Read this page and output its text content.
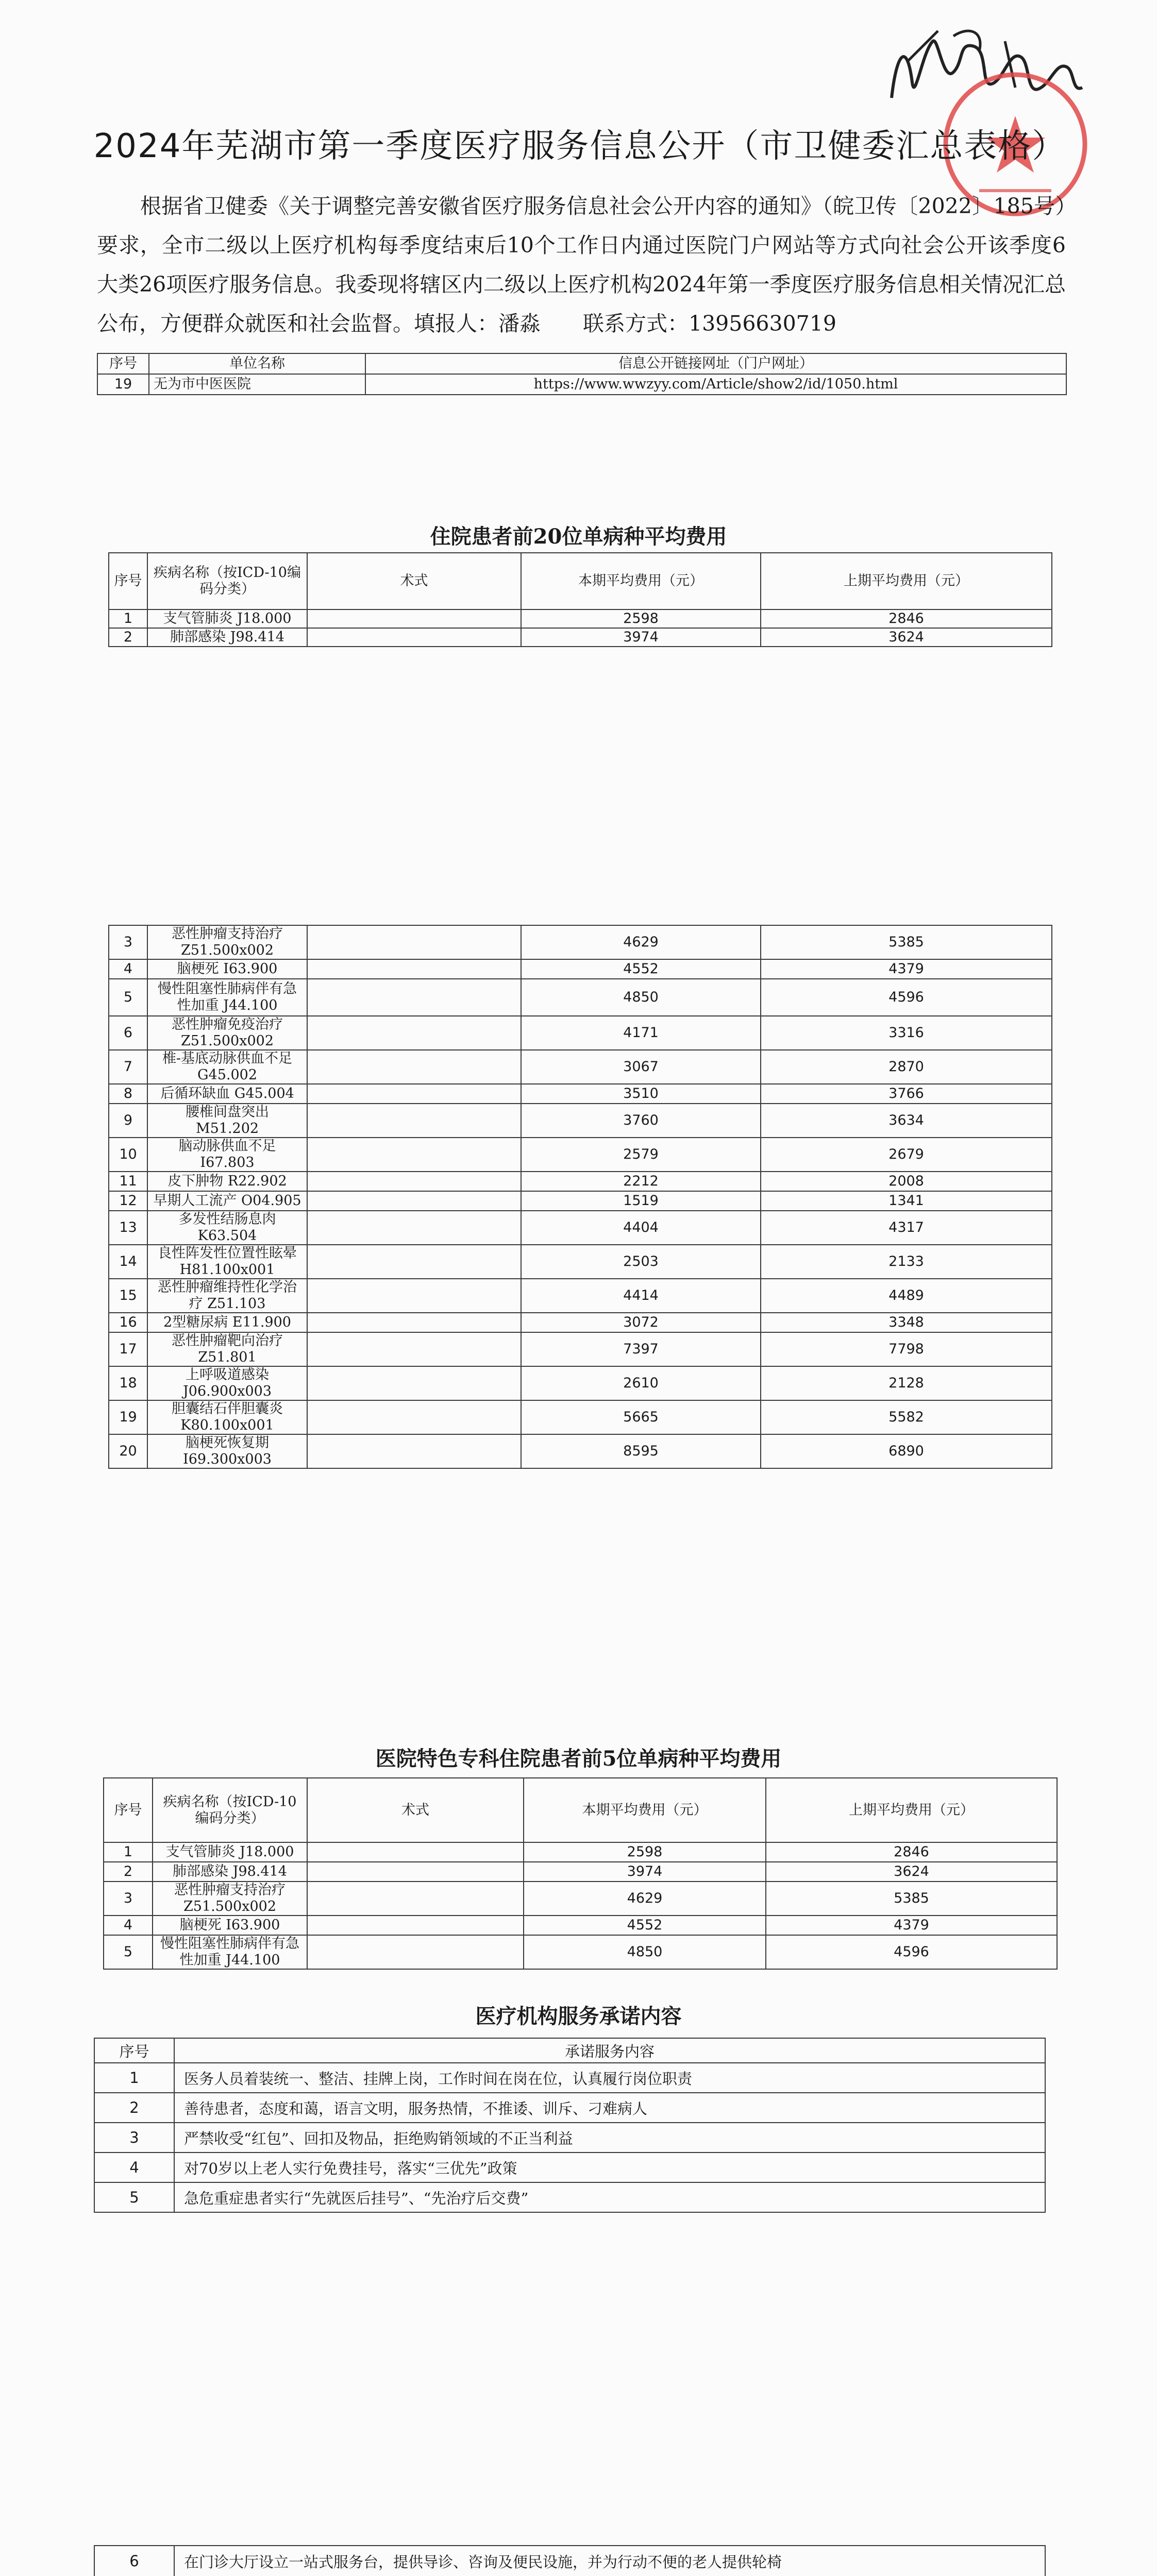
2024年芜湖市第一季度医疗服务信息公开（市卫健委汇总表格）
根据省卫健委《关于调整完善安徽省医疗服务信息社会公开内容的通知》（皖卫传〔2022〕185号）要求，全市二级以上医疗机构每季度结束后10个工作日内通过医院门户网站等方式向社会公开该季度6大类26项医疗服务信息。我委现将辖区内二级以上医疗机构2024年第一季度医疗服务信息相关情况汇总公布，方便群众就医和社会监督。填报人：潘淼　　联系方式：13956630719
序号	单位名称	信息公开链接网址（门户网址）
19	无为市中医医院	https://www.wwzyy.com/Article/show2/id/1050.html
住院患者前20位单病种平均费用
序号	疾病名称（按ICD-10编码分类）	术式	本期平均费用（元）	上期平均费用（元）
1	支气管肺炎 J18.000		2598	2846
2	肺部感染 J98.414		3974	3624
3	恶性肿瘤支持治疗 Z51.500x002		4629	5385
4	脑梗死 I63.900		4552	4379
5	慢性阻塞性肺病伴有急性加重 J44.100		4850	4596
6	恶性肿瘤免疫治疗 Z51.500x002		4171	3316
7	椎-基底动脉供血不足 G45.002		3067	2870
8	后循环缺血 G45.004		3510	3766
9	腰椎间盘突出 M51.202		3760	3634
10	脑动脉供血不足 I67.803		2579	2679
11	皮下肿物 R22.902		2212	2008
12	早期人工流产 O04.905		1519	1341
13	多发性结肠息肉 K63.504		4404	4317
14	良性阵发性位置性眩晕 H81.100x001		2503	2133
15	恶性肿瘤维持性化学治疗 Z51.103		4414	4489
16	2型糖尿病 E11.900		3072	3348
17	恶性肿瘤靶向治疗 Z51.801		7397	7798
18	上呼吸道感染 J06.900x003		2610	2128
19	胆囊结石伴胆囊炎 K80.100x001		5665	5582
20	脑梗死恢复期 I69.300x003		8595	6890
医院特色专科住院患者前5位单病种平均费用
序号	疾病名称（按ICD-10编码分类）	术式	本期平均费用（元）	上期平均费用（元）
1	支气管肺炎 J18.000		2598	2846
2	肺部感染 J98.414		3974	3624
3	恶性肿瘤支持治疗 Z51.500x002		4629	5385
4	脑梗死 I63.900		4552	4379
5	慢性阻塞性肺病伴有急性加重 J44.100		4850	4596
医疗机构服务承诺内容
序号	承诺服务内容
1	医务人员着装统一、整洁、挂牌上岗，工作时间在岗在位，认真履行岗位职责
2	善待患者，态度和蔼，语言文明，服务热情，不推诿、训斥、刁难病人
3	严禁收受“红包”、回扣及物品，拒绝购销领域的不正当利益
4	对70岁以上老人实行免费挂号，落实“三优先”政策
5	急危重症患者实行“先就医后挂号”、“先治疗后交费”
6	在门诊大厅设立一站式服务台，提供导诊、咨询及便民设施，并为行动不便的老人提供轮椅
